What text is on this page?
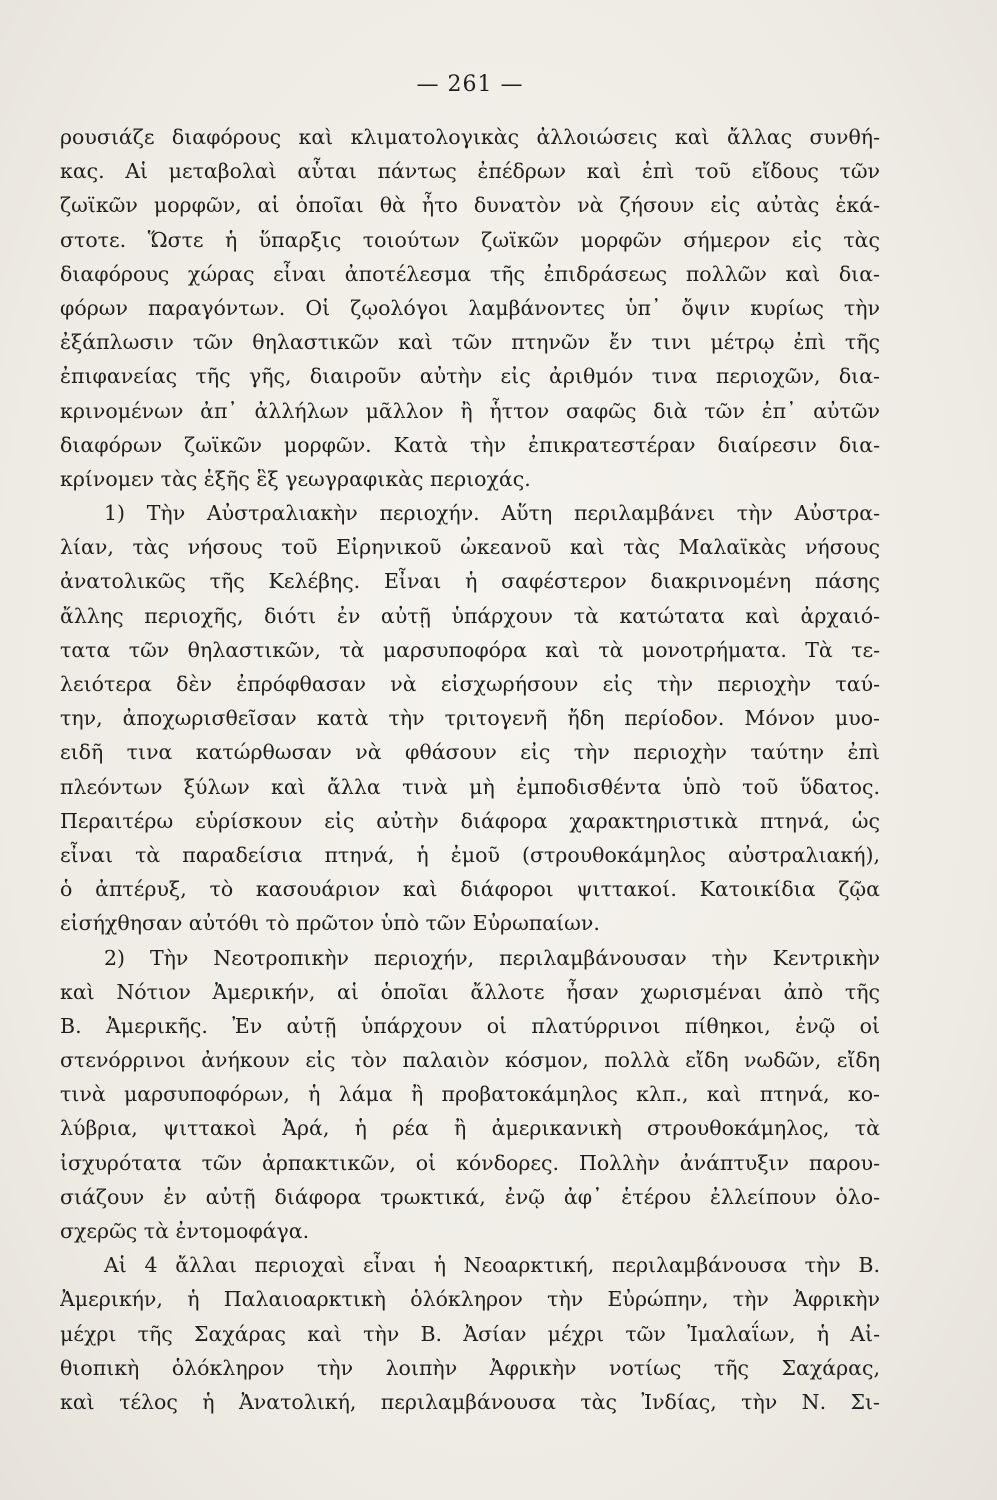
— 261 —
ρουσιάζε διαφόρους καὶ κλιματολογικὰς ἀλλοιώσεις καὶ ἄλλας συνθή-
κας. Αἱ μεταβολαὶ αὗται πάντως ἐπέδρων καὶ ἐπὶ τοῦ εἴδους τῶν
ζωϊκῶν μορφῶν, αἱ ὁποῖαι θὰ ἦτο δυνατὸν νὰ ζήσουν εἰς αὐτὰς ἑκά-
στοτε. Ὥστε ἡ ὕπαρξις τοιούτων ζωϊκῶν μορφῶν σήμερον εἰς τὰς
διαφόρους χώρας εἶναι ἀποτέλεσμα τῆς ἐπιδράσεως πολλῶν καὶ δια-
φόρων παραγόντων. Οἱ ζῳολόγοι λαμβάνοντες ὑπ᾽ ὄψιν κυρίως τὴν
ἐξάπλωσιν τῶν θηλαστικῶν καὶ τῶν πτηνῶν ἔν τινι μέτρῳ ἐπὶ τῆς
ἐπιφανείας τῆς γῆς, διαιροῦν αὐτὴν εἰς ἀριθμόν τινα περιοχῶν, δια-
κρινομένων ἀπ᾽ ἀλλήλων μᾶλλον ἢ ἧττον σαφῶς διὰ τῶν ἐπ᾽ αὐτῶν
διαφόρων ζωϊκῶν μορφῶν. Κατὰ τὴν ἐπικρατεστέραν διαίρεσιν δια-
κρίνομεν τὰς ἑξῆς ἓξ γεωγραφικὰς περιοχάς.
1) Τὴν Αὐστραλιακὴν περιοχήν. Αὕτη περιλαμβάνει τὴν Αὐστρα-
λίαν, τὰς νήσους τοῦ Εἰρηνικοῦ ὠκεανοῦ καὶ τὰς Μαλαϊκὰς νήσους
ἀνατολικῶς τῆς Κελέβης. Εἶναι ἡ σαφέστερον διακρινομένη πάσης
ἄλλης περιοχῆς, διότι ἐν αὐτῇ ὑπάρχουν τὰ κατώτατα καὶ ἀρχαιό-
τατα τῶν θηλαστικῶν, τὰ μαρσυποφόρα καὶ τὰ μονοτρήματα. Τὰ τε-
λειότερα δὲν ἐπρόφθασαν νὰ εἰσχωρήσουν εἰς τὴν περιοχὴν ταύ-
την, ἀποχωρισθεῖσαν κατὰ τὴν τριτογενῆ ἤδη περίοδον. Μόνον μυο-
ειδῆ τινα κατώρθωσαν νὰ φθάσουν εἰς τὴν περιοχὴν ταύτην ἐπὶ
πλεόντων ξύλων καὶ ἄλλα τινὰ μὴ ἐμποδισθέντα ὑπὸ τοῦ ὕδατος.
Περαιτέρω εὑρίσκουν εἰς αὐτὴν διάφορα χαρακτηριστικὰ πτηνά, ὡς
εἶναι τὰ παραδείσια πτηνά, ἡ ἐμοῦ (στρουθοκάμηλος αὐστραλιακή),
ὁ ἀπτέρυξ, τὸ κασουάριον καὶ διάφοροι ψιττακοί. Κατοικίδια ζῷα
εἰσήχθησαν αὐτόθι τὸ πρῶτον ὑπὸ τῶν Εὐρωπαίων.
2) Τὴν Νεοτροπικὴν περιοχήν, περιλαμβάνουσαν τὴν Κεντρικὴν
καὶ Νότιον Ἀμερικήν, αἱ ὁποῖαι ἄλλοτε ἦσαν χωρισμέναι ἀπὸ τῆς
Β. Ἀμερικῆς. Ἐν αὐτῇ ὑπάρχουν οἱ πλατύρρινοι πίθηκοι, ἐνῷ οἱ
στενόρρινοι ἀνήκουν εἰς τὸν παλαιὸν κόσμον, πολλὰ εἴδη νωδῶν, εἴδη
τινὰ μαρσυποφόρων, ἡ λάμα ἢ προβατοκάμηλος κλπ., καὶ πτηνά, κο-
λύβρια, ψιττακοὶ Ἀρά, ἡ ρέα ἢ ἀμερικανικὴ στρουθοκάμηλος, τὰ
ἰσχυρότατα τῶν ἁρπακτικῶν, οἱ κόνδορες. Πολλὴν ἀνάπτυξιν παρου-
σιάζουν ἐν αὐτῇ διάφορα τρωκτικά, ἐνῷ ἀφ᾽ ἑτέρου ἐλλείπουν ὁλο-
σχερῶς τὰ ἐντομοφάγα.
Αἱ 4 ἄλλαι περιοχαὶ εἶναι ἡ Νεοαρκτική, περιλαμβάνουσα τὴν Β.
Ἀμερικήν, ἡ Παλαιοαρκτικὴ ὁλόκληρον τὴν Εὐρώπην, τὴν Ἀφρικὴν
μέχρι τῆς Σαχάρας καὶ τὴν Β. Ἀσίαν μέχρι τῶν Ἰμαλαΐων, ἡ Αἰ-
θιοπικὴ ὁλόκληρον τὴν λοιπὴν Ἀφρικὴν νοτίως τῆς Σαχάρας,
καὶ τέλος ἡ Ἀνατολική, περιλαμβάνουσα τὰς Ἰνδίας, τὴν Ν. Σι-
